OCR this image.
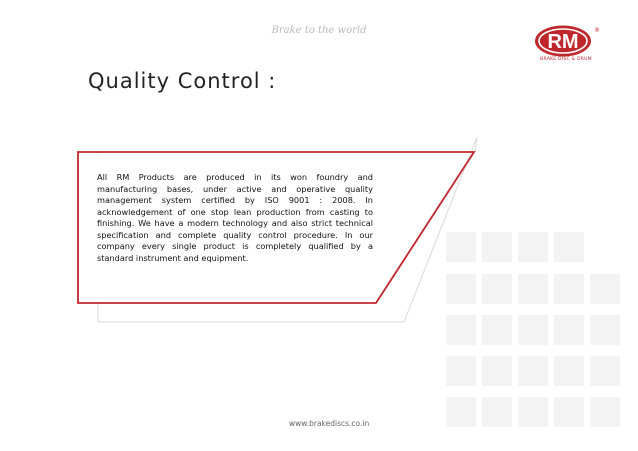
Brake to the world
RM
®
BRAKE DISC & DRUM
Quality Control :
All RM Products are produced in its won foundry and manufacturing bases, under active and operative quality management system certified by ISO 9001 : 2008. In acknowledgement of one stop lean production from casting to finishing. We have a modern technology and also strict technical specification and complete quality control procedure. In our company every single product is completely qualified by a standard instrument and equipment.
www.brakediscs.co.in
